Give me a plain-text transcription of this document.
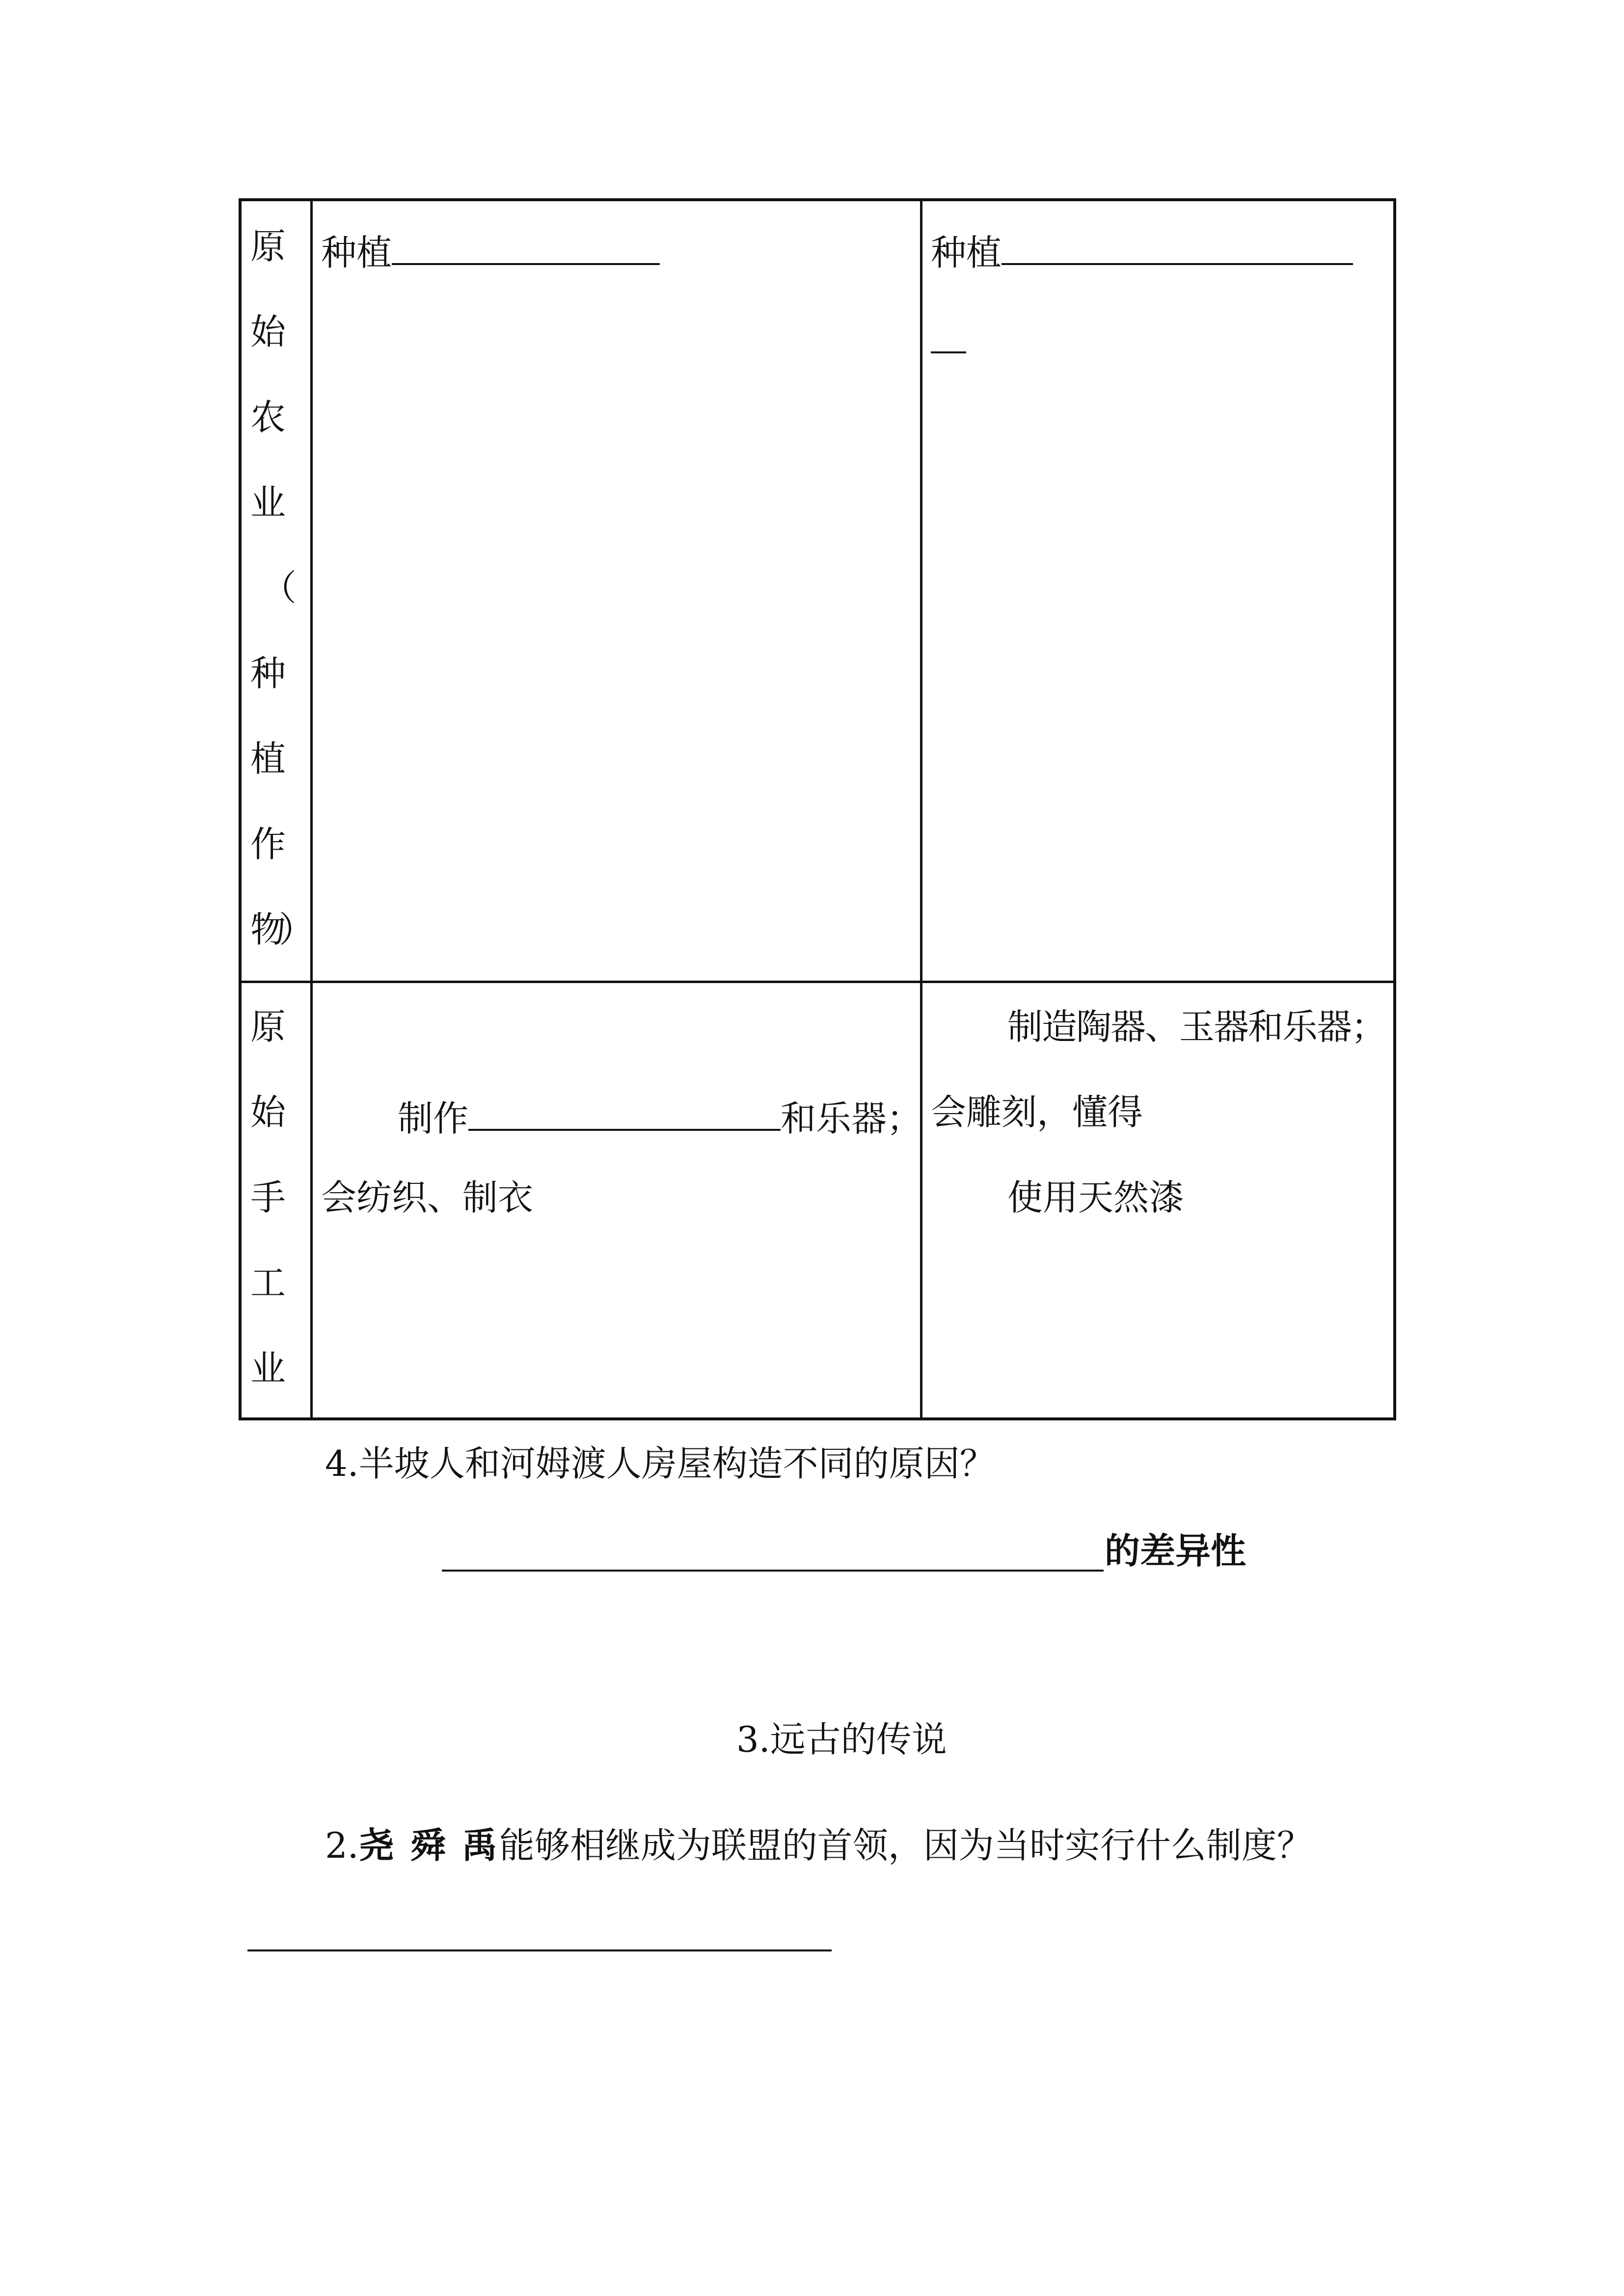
原
始
农
业
（
种
植
作
物）
种植	种植
原
始
手
工
业
制作	和乐器；
会纺织、制衣
制造陶器、玉器和乐器；
会雕刻，懂得
使用天然漆
4.半坡人和河姆渡人房屋构造不同的原因？
的差异性
3.远古的传说
2.尧 舜 禹能够相继成为联盟的首领，因为当时实行什么制度？
